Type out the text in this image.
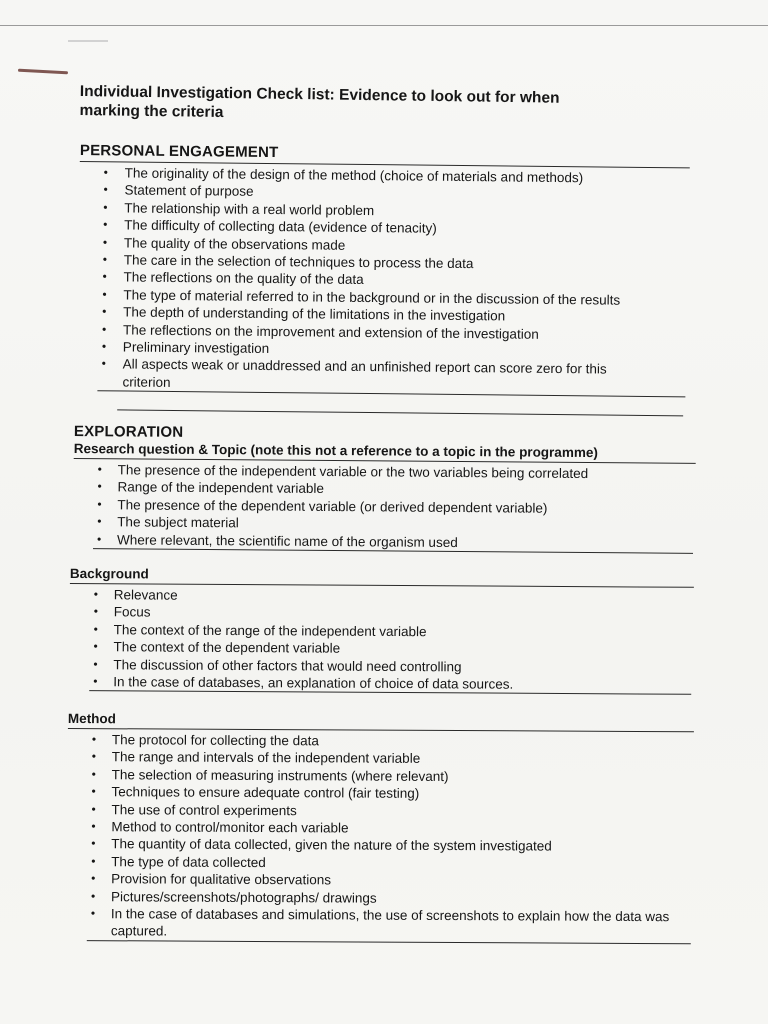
Individual Investigation Check list: Evidence to look out for when
marking the criteria
PERSONAL ENGAGEMENT
• The originality of the design of the method (choice of materials and methods)
• Statement of purpose
• The relationship with a real world problem
• The difficulty of collecting data (evidence of tenacity)
• The quality of the observations made
• The care in the selection of techniques to process the data
• The reflections on the quality of the data
• The type of material referred to in the background or in the discussion of the results
• The depth of understanding of the limitations in the investigation
• The reflections on the improvement and extension of the investigation
• Preliminary investigation
• All aspects weak or unaddressed and an unfinished report can score zero for this criterion
EXPLORATION
Research question & Topic (note this not a reference to a topic in the programme)
• The presence of the independent variable or the two variables being correlated
• Range of the independent variable
• The presence of the dependent variable (or derived dependent variable)
• The subject material
• Where relevant, the scientific name of the organism used
Background
• Relevance
• Focus
• The context of the range of the independent variable
• The context of the dependent variable
• The discussion of other factors that would need controlling
• In the case of databases, an explanation of choice of data sources.
Method
• The protocol for collecting the data
• The range and intervals of the independent variable
• The selection of measuring instruments (where relevant)
• Techniques to ensure adequate control (fair testing)
• The use of control experiments
• Method to control/monitor each variable
• The quantity of data collected, given the nature of the system investigated
• The type of data collected
• Provision for qualitative observations
• Pictures/screenshots/photographs/ drawings
• In the case of databases and simulations, the use of screenshots to explain how the data was captured.
